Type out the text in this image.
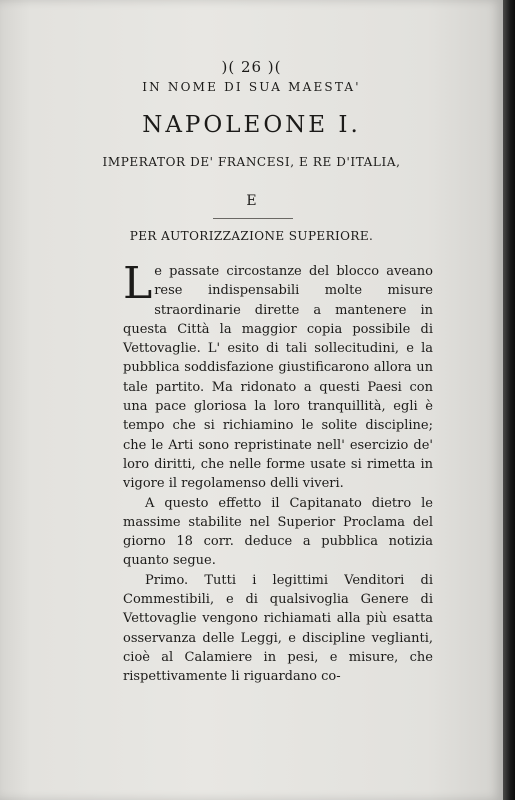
)( 26 )(
IN NOME DI SUA MAESTA'
NAPOLEONE I.
IMPERATOR DE' FRANCESI, E RE D'ITALIA,
E
PER AUTORIZZAZIONE SUPERIORE.

Le passate circostanze del blocco aveano rese indispensabili molte misure straordinarie dirette a mantenere in questa Città la maggior copia possibile di Vettovaglie. L' esito di tali sollecitudini, e la pubblica soddisfazione giustificarono allora un tale partito. Ma ridonato a questi Paesi con una pace gloriosa la loro tranquillità, egli è tempo che si richiamino le solite discipline; che le Arti sono repristinate nell' esercizio de' loro diritti, che nelle forme usate si rimetta in vigore il regolamenso delli viveri.

A questo effetto il Capitanato dietro le massime stabilite nel Superior Proclama del giorno 18 corr. deduce a pubblica notizia quanto segue.

Primo. Tutti i legittimi Venditori di Commestibili, e di qualsivoglia Genere di Vettovaglie vengono richiamati alla più esatta osservanza delle Leggi, e discipline veglianti, cioè al Calamiere in pesi, e misure, che rispettivamente li riguardano co-
